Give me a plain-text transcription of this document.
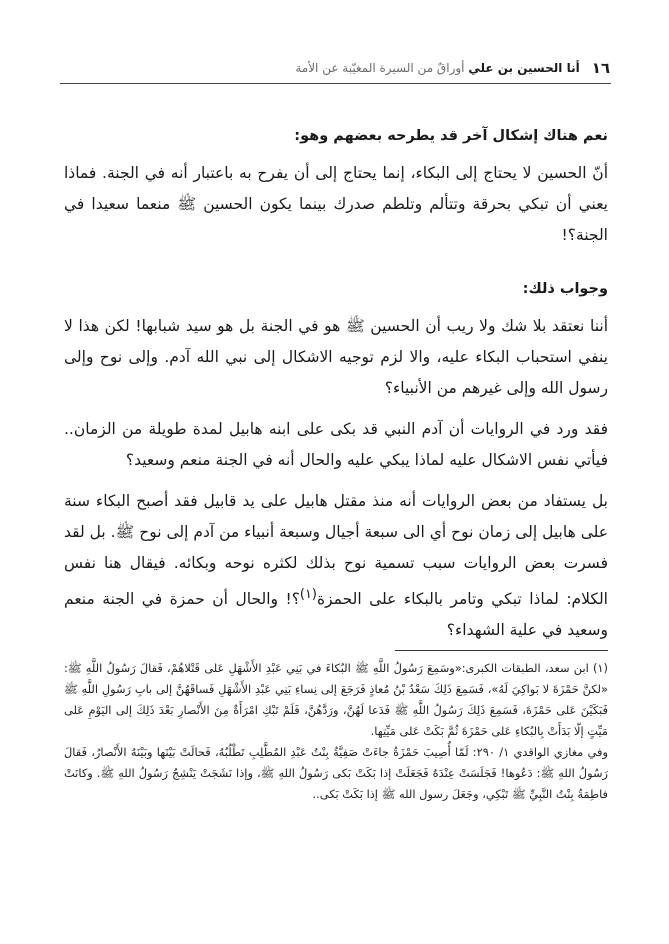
١٦
أنا الحسين بن علي أوراقٌ من السيرة المغيّبة عن الأمة

نعم هناك إشكال آخر قد يطرحه بعضهم وهو:

أنّ الحسين لا يحتاج إلى البكاء، إنما يحتاج إلى أن يفرح به باعتبار أنه في الجنة. فماذا يعني أن تبكي بحرقة وتتألم وتلطم صدرك بينما يكون الحسين ﷺ منعما سعيدا في الجنة؟!

وجواب ذلك:

أننا نعتقد بلا شك ولا ريب أن الحسين ﷺ هو في الجنة بل هو سيد شبابها! لكن هذا لا ينفي استحباب البكاء عليه، والا لزم توجيه الاشكال إلى نبي الله آدم. وإلى نوح وإلى رسول الله وإلى غيرهم من الأنبياء؟

فقد ورد في الروايات أن آدم النبي قد بكى على ابنه هابيل لمدة طويلة من الزمان.. فيأتي نفس الاشكال عليه لماذا يبكي عليه والحال أنه في الجنة منعم وسعيد؟

بل يستفاد من بعض الروايات أنه منذ مقتل هابيل على يد قابيل فقد أصبح البكاء سنة على هابيل إلى زمان نوح أي الى سبعة أجيال وسبعة أنبياء من آدم إلى نوح ﷺ. بل لقد فسرت بعض الروايات سبب تسمية نوح بذلك لكثره نوحه وبكائه. فيقال هنا نفس الكلام: لماذا تبكي وتامر بالبكاء على الحمزة$^{(١)}$؟! والحال أن حمزة في الجنة منعم وسعيد في علية الشهداء؟

(١) ابن سعد، الطبقات الكبرى:«وسَمِعَ رَسُولُ اللَّهِ ﷺ البُكاءَ في بَنِي عَبْدِ الأَشْهَلِ عَلى قَتْلاهُمْ، فَقالَ رَسُولُ اللَّهِ ﷺ: «لكنَّ حَمْزَةَ لا بَواكِيَ لَهُ»، فَسَمِعَ ذَلِكَ سَعْدُ بْنُ مُعاذٍ فَرَجَعَ إلى نِساءِ بَنِي عَبْدِ الأَشْهَلِ فَساقَهُنَّ إلى بابِ رَسُولِ اللَّهِ ﷺ فَبَكَيْنَ عَلى حَمْزَةَ، فَسَمِعَ ذَلِكَ رَسُولُ اللَّهِ ﷺ فَدَعا لَهُنَّ، ورَدَّهُنَّ، فَلَمْ تَبْكِ امْرَأَةٌ مِنَ الأَنْصارِ بَعْدَ ذَلِكَ إلى اليَوْمِ عَلى مَيِّتٍ إلّا بَدَأَتْ بِالبُكاءِ عَلى حَمْزَةَ ثُمَّ بَكَتْ عَلى مَيِّتِها.

وفي مغازي الواقدي ١/ ٢٩٠: لَمّا أُصِيبَ حَمْزَةُ جاءَتْ صَفِيَّةُ بِنْتُ عَبْدِ المُطَّلِبِ تَطْلُبُهُ، فَحالَتْ بَيْنَها وبَيْنَهُ الأَنْصارُ، فَقالَ رَسُولُ اللهِ ﷺ: دَعُوها! فَجَلَسَتْ عِنْدَهُ فَجَعَلَتْ إذا بَكَتْ بَكى رَسُولُ اللهِ ﷺ، وإذا نَشَجَتْ يَنْشِجُ رَسُولُ اللهِ ﷺ. وكانَتْ فاطِمَةُ بِنْتُ النَّبِيِّ ﷺ تَبْكِي، وجَعَلَ رسول الله ﷺ إذا بَكَتْ بَكى..
